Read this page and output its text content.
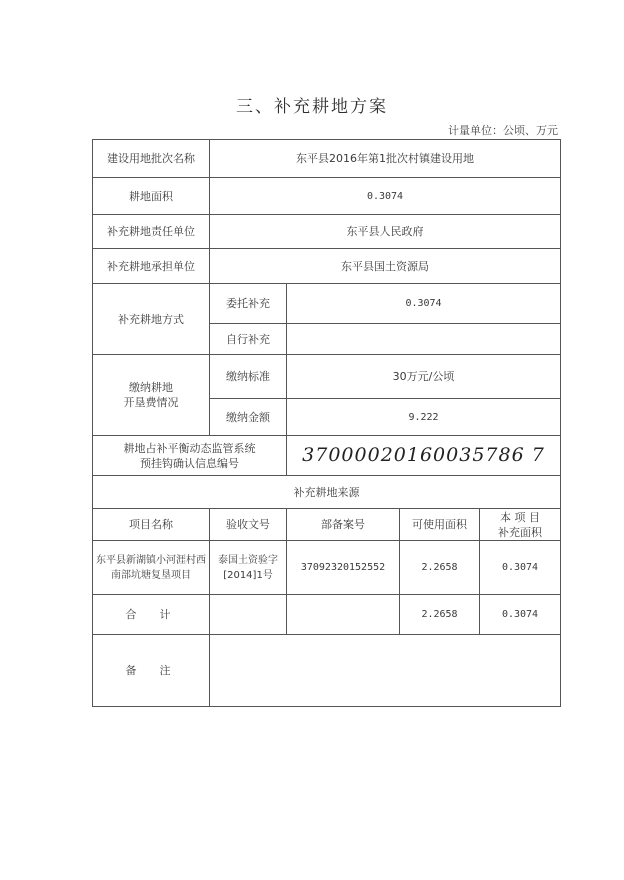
三、补充耕地方案
计量单位：公顷、万元
建设用地批次名称	东平县2016年第1批次村镇建设用地			
耕地面积	0.3074			
补充耕地责任单位	东平县人民政府			
补充耕地承担单位	东平县国土资源局			
补充耕地方式	委托补充	0.3074		
	自行补充			

缴纳耕地
开垦费情况	缴纳标准	30万元/公顷		
	缴纳金额	9.222		

耕地占补平衡动态监管系统
预挂钩确认信息编号		37000020160035786 7		
补充耕地来源				
项目名称	验收文号	部备案号	可使用面积	本 项 目
补充面积

东平县新湖镇小河涯村西南部坑塘复垦项目	泰国土资验字[2014]1号	37092320152552	2.2658	0.3074
合　计			2.2658	0.3074
备　注				
